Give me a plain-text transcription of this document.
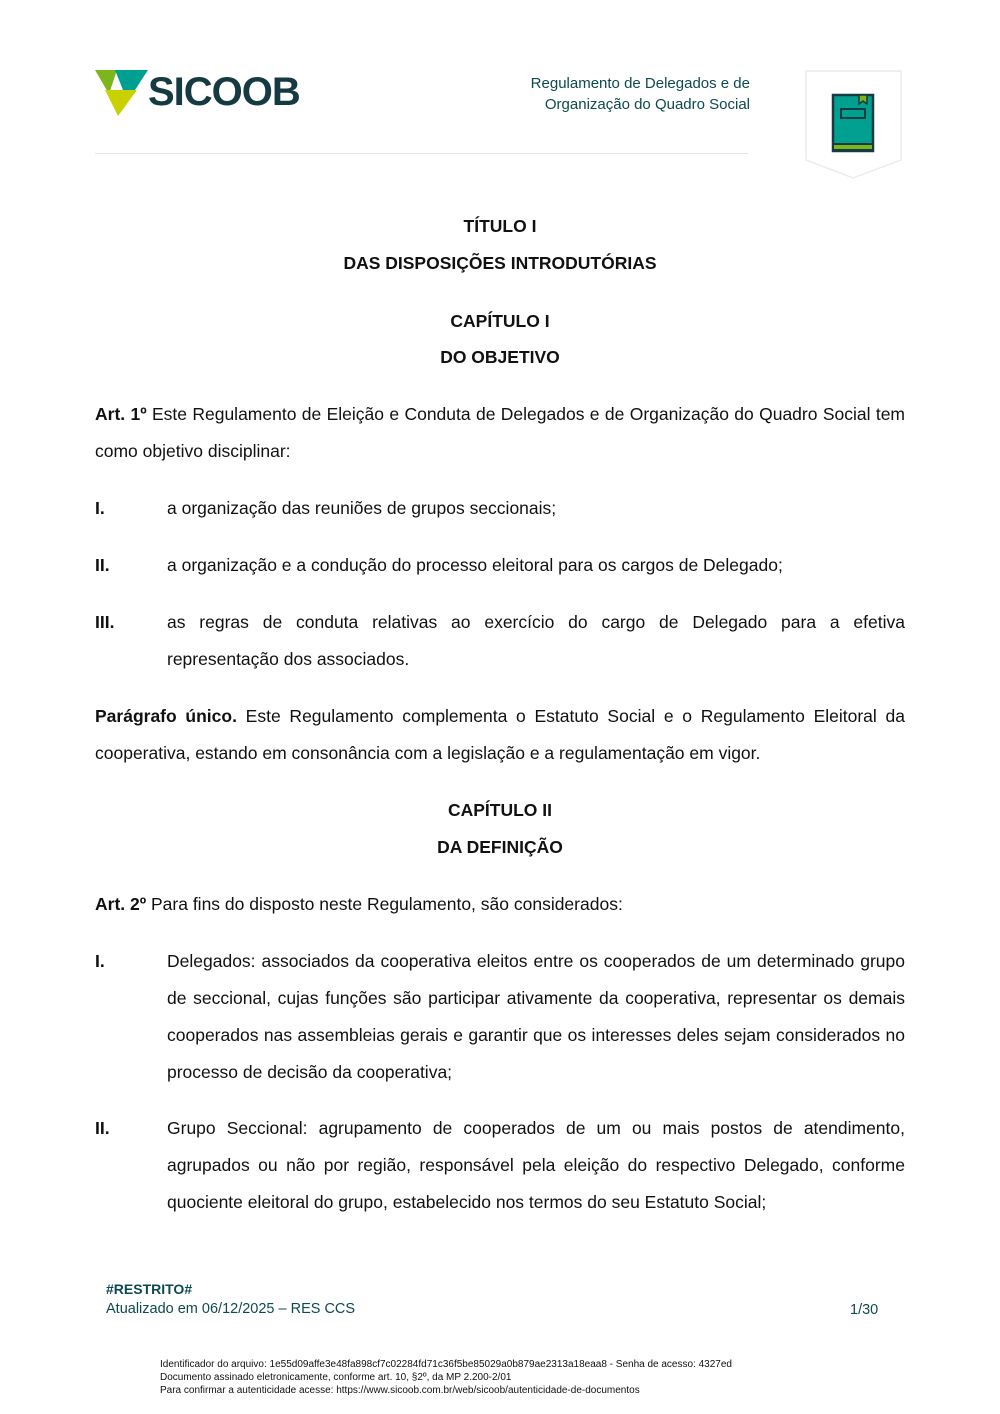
SICOOB	Regulamento de Delegados e de
Organização do Quadro Social
TÍTULO I
DAS DISPOSIÇÕES INTRODUTÓRIAS
CAPÍTULO I
DO OBJETIVO
Art. 1º Este Regulamento de Eleição e Conduta de Delegados e de Organização do Quadro Social tem como objetivo disciplinar:
I.	a organização das reuniões de grupos seccionais;
II.	a organização e a condução do processo eleitoral para os cargos de Delegado;
III.	as regras de conduta relativas ao exercício do cargo de Delegado para a efetiva representação dos associados.
Parágrafo único. Este Regulamento complementa o Estatuto Social e o Regulamento Eleitoral da cooperativa, estando em consonância com a legislação e a regulamentação em vigor.
CAPÍTULO II
DA DEFINIÇÃO
Art. 2º Para fins do disposto neste Regulamento, são considerados:
I.	Delegados: associados da cooperativa eleitos entre os cooperados de um determinado grupo de seccional, cujas funções são participar ativamente da cooperativa, representar os demais cooperados nas assembleias gerais e garantir que os interesses deles sejam considerados no processo de decisão da cooperativa;
II.	Grupo Seccional: agrupamento de cooperados de um ou mais postos de atendimento, agrupados ou não por região, responsável pela eleição do respectivo Delegado, conforme quociente eleitoral do grupo, estabelecido nos termos do seu Estatuto Social;
#RESTRITO#
Atualizado em 06/12/2025 – RES CCS	1/30
Identificador do arquivo: 1e55d09affe3e48fa898cf7c02284fd71c36f5be85029a0b879ae2313a18eaa8 - Senha de acesso: 4327ed
Documento assinado eletronicamente, conforme art. 10, §2º, da MP 2.200-2/01
Para confirmar a autenticidade acesse: https://www.sicoob.com.br/web/sicoob/autenticidade-de-documentos
